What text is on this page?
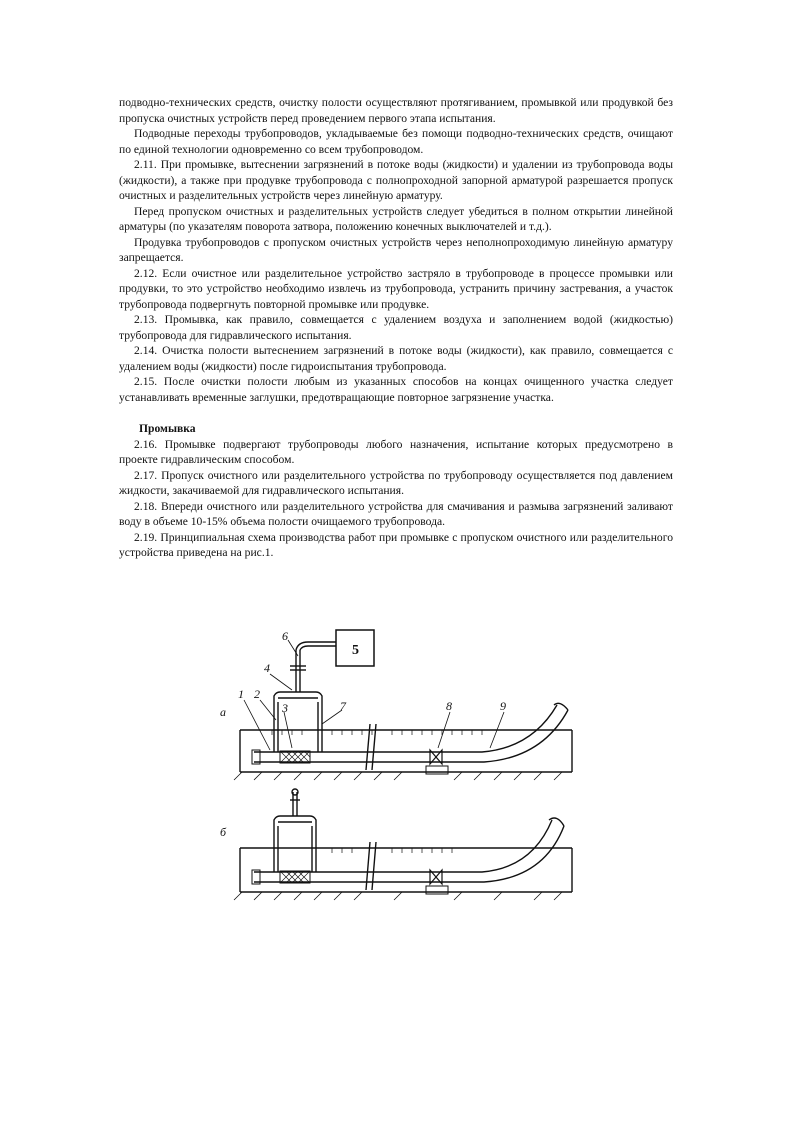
подводно-технических средств, очистку полости осуществляют протягиванием, промывкой или продувкой без пропуска очистных устройств перед проведением первого этапа испытания.

Подводные переходы трубопроводов, укладываемые без помощи подводно-технических средств, очищают по единой технологии одновременно со всем трубопроводом.

2.11. При промывке, вытеснении загрязнений в потоке воды (жидкости) и удалении из трубопровода воды (жидкости), а также при продувке трубопровода с полнопроходной запорной арматурой разрешается пропуск очистных и разделительных устройств через линейную арматуру.

Перед пропуском очистных и разделительных устройств следует убедиться в полном открытии линейной арматуры (по указателям поворота затвора, положению конечных выключателей и т.д.).

Продувка трубопроводов с пропуском очистных устройств через неполнопроходимую линейную арматуру запрещается.

2.12. Если очистное или разделительное устройство застряло в трубопроводе в процессе промывки или продувки, то это устройство необходимо извлечь из трубопровода, устранить причину застревания, а участок трубопровода подвергнуть повторной промывке или продувке.

2.13. Промывка, как правило, совмещается с удалением воздуха и заполнением водой (жидкостью) трубопровода для гидравлического испытания.

2.14. Очистка полости вытеснением загрязнений в потоке воды (жидкости), как правило, совмещается с удалением воды (жидкости) после гидроиспытания трубопровода.

2.15. После очистки полости любым из указанных способов на концах очищенного участка следует устанавливать временные заглушки, предотвращающие повторное загрязнение участка.

Промывка

2.16. Промывке подвергают трубопроводы любого назначения, испытание которых предусмотрено в проекте гидравлическим способом.

2.17. Пропуск очистного или разделительного устройства по трубопроводу осуществляется под давлением жидкости, закачиваемой для гидравлического испытания.

2.18. Впереди очистного или разделительного устройства для смачивания и размыва загрязнений заливают воду в объеме 10-15% объема полости очищаемого трубопровода.

2.19. Принципиальная схема производства работ при промывке с пропуском очистного или разделительного устройства приведена на рис.1.

а
б
1 2
3
4
5
6
7	8	9
